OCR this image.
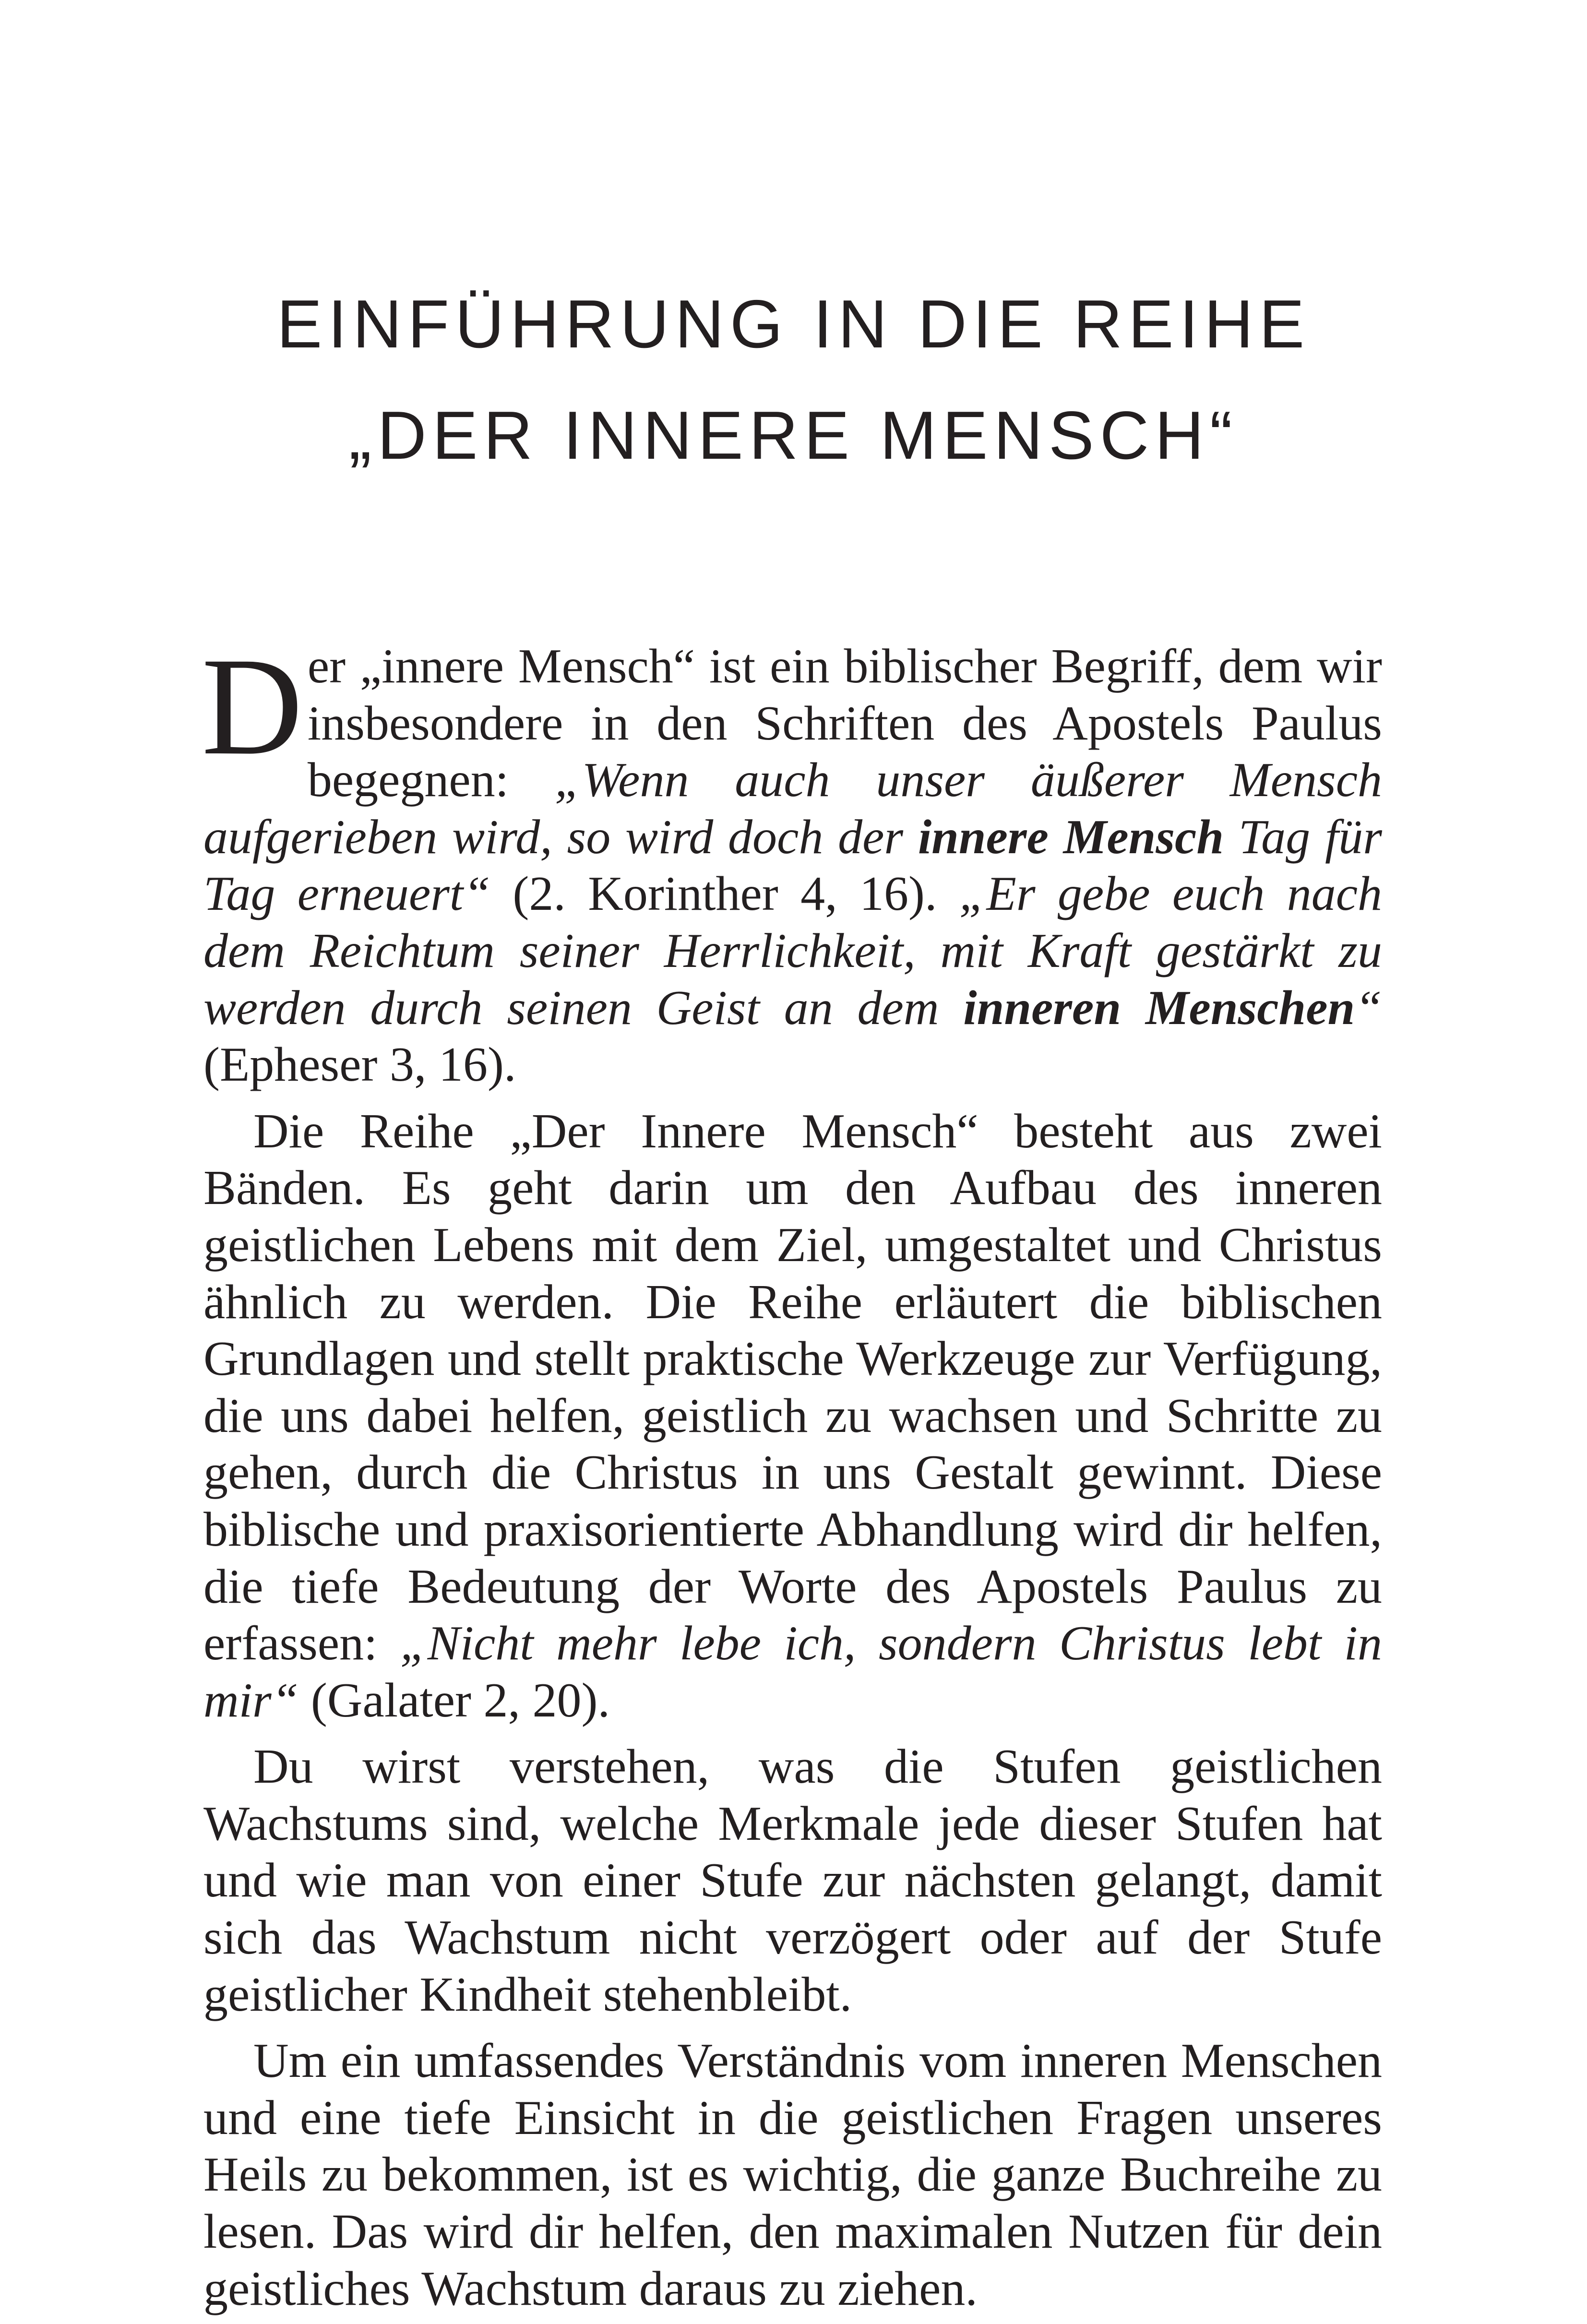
EINFÜHRUNG IN DIE REIHE
„DER INNERE MENSCH“

Der „innere Mensch“ ist ein biblischer Begriff, dem wir insbesondere in den Schriften des Apostels Paulus begegnen: „Wenn auch unser äußerer Mensch aufgerieben wird, so wird doch der innere Mensch Tag für Tag erneuert“ (2. Korinther 4, 16). „Er gebe euch nach dem Reichtum seiner Herrlichkeit, mit Kraft gestärkt zu werden durch seinen Geist an dem inneren Menschen“ (Epheser 3, 16).

Die Reihe „Der Innere Mensch“ besteht aus zwei Bänden. Es geht darin um den Aufbau des inneren geistlichen Lebens mit dem Ziel, umgestaltet und Christus ähnlich zu werden. Die Reihe erläutert die biblischen Grundlagen und stellt praktische Werkzeuge zur Verfügung, die uns dabei helfen, geistlich zu wachsen und Schritte zu gehen, durch die Christus in uns Gestalt gewinnt. Diese biblische und praxisorientierte Abhandlung wird dir helfen, die tiefe Bedeutung der Worte des Apostels Paulus zu erfassen: „Nicht mehr lebe ich, sondern Christus lebt in mir“ (Galater 2, 20).

Du wirst verstehen, was die Stufen geistlichen Wachstums sind, welche Merkmale jede dieser Stufen hat und wie man von einer Stufe zur nächsten gelangt, damit sich das Wachstum nicht verzögert oder auf der Stufe geistlicher Kindheit stehenbleibt.

Um ein umfassendes Verständnis vom inneren Menschen und eine tiefe Einsicht in die geistlichen Fragen unseres Heils zu bekommen, ist es wichtig, die ganze Buchreihe zu lesen. Das wird dir helfen, den maximalen Nutzen für dein geistliches Wachstum daraus zu ziehen.
